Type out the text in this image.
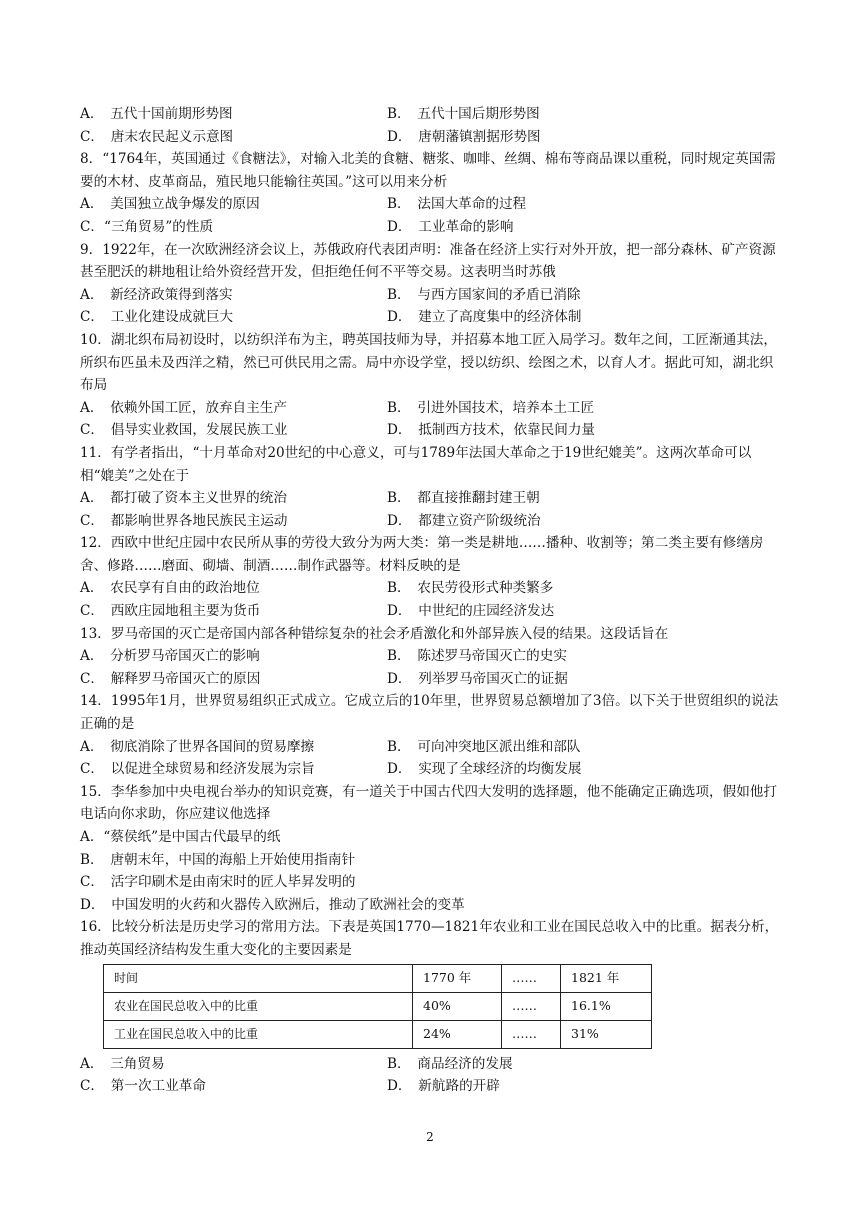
A．　五代十国前期形势图	B．　五代十国后期形势图
C．　唐末农民起义示意图	D．　唐朝藩镇割据形势图
8．“1764年，英国通过《食糖法》，对输入北美的食糖、糖浆、咖啡、丝绸、棉布等商品课以重税，同时规定英国需要的木材、皮革商品，殖民地只能输往英国。”这可以用来分析
A．　美国独立战争爆发的原因	B．　法国大革命的过程
C．“三角贸易”的性质	D．　工业革命的影响
9．1922年，在一次欧洲经济会议上，苏俄政府代表团声明：准备在经济上实行对外开放，把一部分森林、矿产资源甚至肥沃的耕地租让给外资经营开发，但拒绝任何不平等交易。这表明当时苏俄
A．　新经济政策得到落实	B．　与西方国家间的矛盾已消除
C．　工业化建设成就巨大	D．　建立了高度集中的经济体制
10．湖北织布局初设时，以纺织洋布为主，聘英国技师为导，并招募本地工匠入局学习。数年之间，工匠渐通其法，所织布匹虽未及西洋之精，然已可供民用之需。局中亦设学堂，授以纺织、绘图之术，以育人才。据此可知，湖北织布局
A．　依赖外国工匠，放弃自主生产	B．　引进外国技术，培养本土工匠
C．　倡导实业救国，发展民族工业	D．　抵制西方技术，依靠民间力量
11．有学者指出，“十月革命对20世纪的中心意义，可与1789年法国大革命之于19世纪媲美”。这两次革命可以相“媲美”之处在于
A．　都打破了资本主义世界的统治	B．　都直接推翻封建王朝
C．　都影响世界各地民族民主运动	D．　都建立资产阶级统治
12．西欧中世纪庄园中农民所从事的劳役大致分为两大类：第一类是耕地……播种、收割等；第二类主要有修缮房舍、修路……磨面、砌墙、制酒……制作武器等。材料反映的是
A．　农民享有自由的政治地位	B．　农民劳役形式种类繁多
C．　西欧庄园地租主要为货币	D．　中世纪的庄园经济发达
13．罗马帝国的灭亡是帝国内部各种错综复杂的社会矛盾激化和外部异族入侵的结果。这段话旨在
A．　分析罗马帝国灭亡的影响	B．　陈述罗马帝国灭亡的史实
C．　解释罗马帝国灭亡的原因	D．　列举罗马帝国灭亡的证据
14．1995年1月，世界贸易组织正式成立。它成立后的10年里，世界贸易总额增加了3倍。以下关于世贸组织的说法正确的是
A．　彻底消除了世界各国间的贸易摩擦	B．　可向冲突地区派出维和部队
C．　以促进全球贸易和经济发展为宗旨	D．　实现了全球经济的均衡发展
15．李华参加中央电视台举办的知识竞赛，有一道关于中国古代四大发明的选择题，他不能确定正确选项，假如他打电话向你求助，你应建议他选择
A．“蔡侯纸”是中国古代最早的纸
B．　唐朝末年，中国的海船上开始使用指南针
C．　活字印刷术是由南宋时的匠人毕昇发明的
D．　中国发明的火药和火器传入欧洲后，推动了欧洲社会的变革
16．比较分析法是历史学习的常用方法。下表是英国1770—1821年农业和工业在国民总收入中的比重。据表分析，推动英国经济结构发生重大变化的主要因素是
时间	1770 年	……	1821 年
农业在国民总收入中的比重	40%	……	16.1%
工业在国民总收入中的比重	24%	……	31%
A．　三角贸易	B．　商品经济的发展
C．　第一次工业革命	D．　新航路的开辟
2
